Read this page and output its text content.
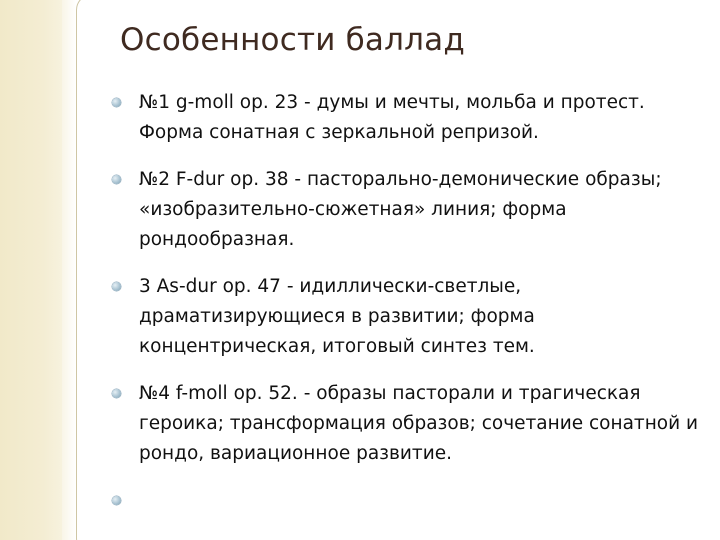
Особенности баллад
№1 g-moll op. 23 - думы и мечты, мольба и протест. Форма сонатная с зеркальной репризой.
№2 F-dur op. 38 - пасторально-демонические образы; «изобразительно-сюжетная» линия; форма рондообразная.
3 As-dur op. 47 - идиллически-светлые, драматизирующиеся в развитии; форма концентрическая, итоговый синтез тем.
№4 f-moll op. 52. - образы пасторали и трагическая героика; трансформация образов; сочетание сонатной и рондо, вариационное развитие.
